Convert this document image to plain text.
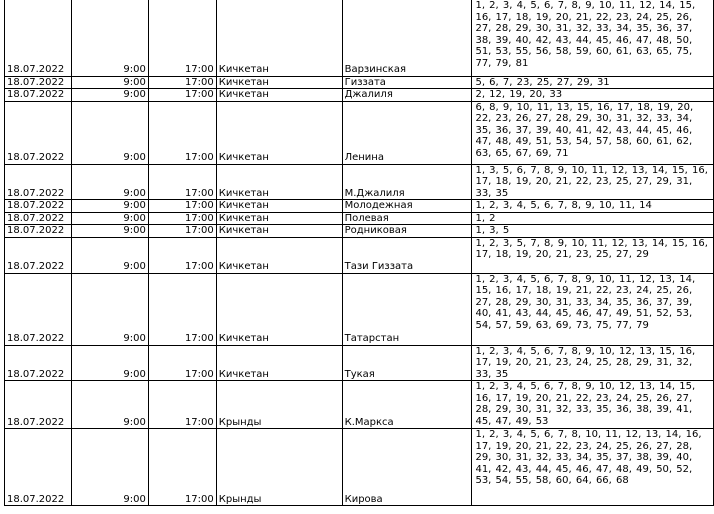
18.07.2022	9:00	17:00	Кичкетан	Варзинская	1, 2, 3, 4, 5, 6, 7, 8, 9, 10, 11, 12, 14, 15, 16, 17, 18, 19, 20, 21, 22, 23, 24, 25, 26, 27, 28, 29, 30, 31, 32, 33, 34, 35, 36, 37, 38, 39, 40, 42, 43, 44, 45, 46, 47, 48, 50, 51, 53, 55, 56, 58, 59, 60, 61, 63, 65, 75, 77, 79, 81
18.07.2022	9:00	17:00	Кичкетан	Гиззата	5, 6, 7, 23, 25, 27, 29, 31
18.07.2022	9:00	17:00	Кичкетан	Джалиля	2, 12, 19, 20, 33
18.07.2022	9:00	17:00	Кичкетан	Ленина	6, 8, 9, 10, 11, 13, 15, 16, 17, 18, 19, 20, 22, 23, 26, 27, 28, 29, 30, 31, 32, 33, 34, 35, 36, 37, 39, 40, 41, 42, 43, 44, 45, 46, 47, 48, 49, 51, 53, 54, 57, 58, 60, 61, 62, 63, 65, 67, 69, 71
18.07.2022	9:00	17:00	Кичкетан	М.Джалиля	1, 3, 5, 6, 7, 8, 9, 10, 11, 12, 13, 14, 15, 16, 17, 18, 19, 20, 21, 22, 23, 25, 27, 29, 31, 33, 35
18.07.2022	9:00	17:00	Кичкетан	Молодежная	1, 2, 3, 4, 5, 6, 7, 8, 9, 10, 11, 14
18.07.2022	9:00	17:00	Кичкетан	Полевая	1, 2
18.07.2022	9:00	17:00	Кичкетан	Родниковая	1, 3, 5
18.07.2022	9:00	17:00	Кичкетан	Тази Гиззата	1, 2, 3, 5, 7, 8, 9, 10, 11, 12, 13, 14, 15, 16, 17, 18, 19, 20, 21, 23, 25, 27, 29
18.07.2022	9:00	17:00	Кичкетан	Татарстан	1, 2, 3, 4, 5, 6, 7, 8, 9, 10, 11, 12, 13, 14, 15, 16, 17, 18, 19, 21, 22, 23, 24, 25, 26, 27, 28, 29, 30, 31, 33, 34, 35, 36, 37, 39, 40, 41, 43, 44, 45, 46, 47, 49, 51, 52, 53, 54, 57, 59, 63, 69, 73, 75, 77, 79
18.07.2022	9:00	17:00	Кичкетан	Тукая	1, 2, 3, 4, 5, 6, 7, 8, 9, 10, 12, 13, 15, 16, 17, 19, 20, 21, 23, 24, 25, 28, 29, 31, 32, 33, 35
18.07.2022	9:00	17:00	Крынды	К.Маркса	1, 2, 3, 4, 5, 6, 7, 8, 9, 10, 12, 13, 14, 15, 16, 17, 19, 20, 21, 22, 23, 24, 25, 26, 27, 28, 29, 30, 31, 32, 33, 35, 36, 38, 39, 41, 45, 47, 49, 53
18.07.2022	9:00	17:00	Крынды	Кирова	1, 2, 3, 4, 5, 6, 7, 8, 10, 11, 12, 13, 14, 16, 17, 19, 20, 21, 22, 23, 24, 25, 26, 27, 28, 29, 30, 31, 32, 33, 34, 35, 37, 38, 39, 40, 41, 42, 43, 44, 45, 46, 47, 48, 49, 50, 52, 53, 54, 55, 58, 60, 64, 66, 68
